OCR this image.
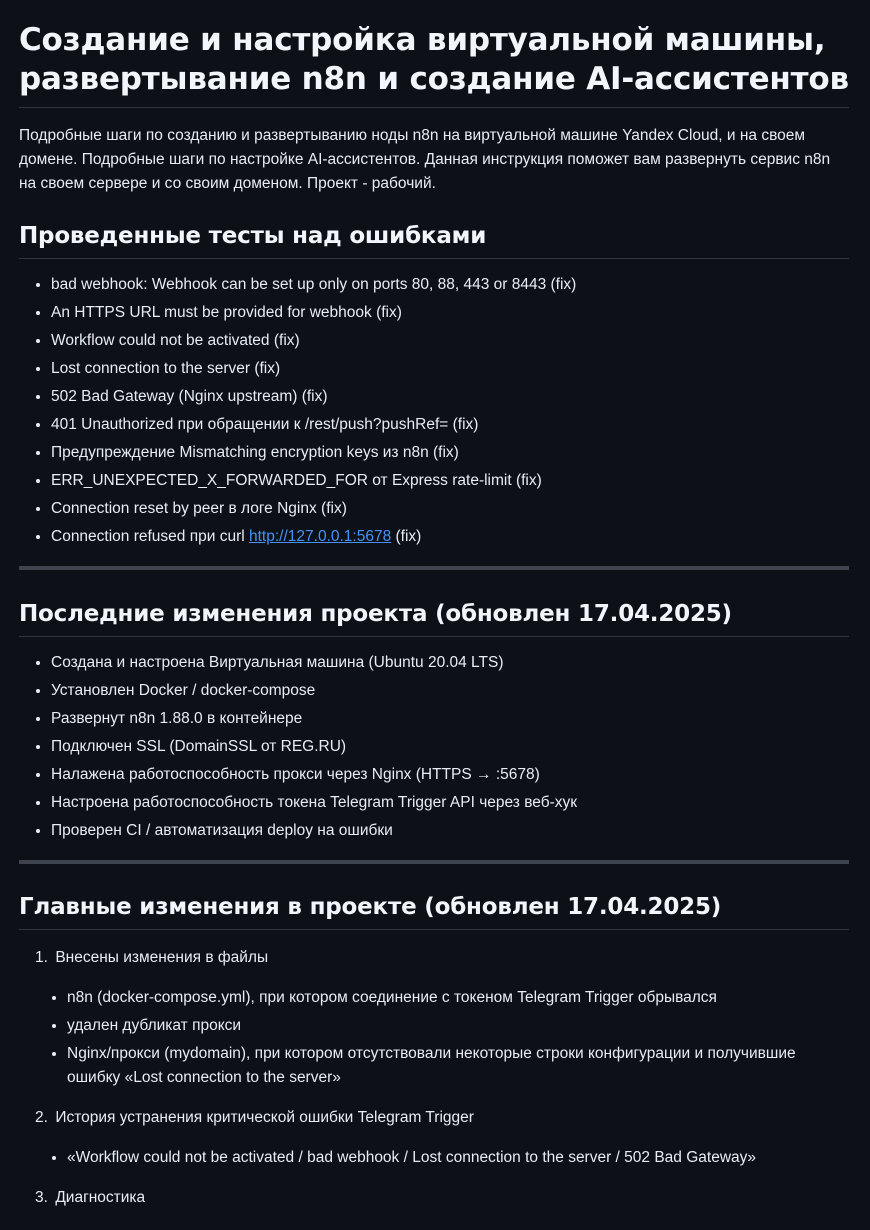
Создание и настройка виртуальной машины, развертывание n8n и создание AI-ассистентов

Подробные шаги по созданию и развертыванию ноды n8n на виртуальной машине Yandex Cloud, и на своем домене. Подробные шаги по настройке AI-ассистентов. Данная инструкция поможет вам развернуть сервис n8n на своем сервере и со своим доменом. Проект - рабочий.

Проведенные тесты над ошибками
• bad webhook: Webhook can be set up only on ports 80, 88, 443 or 8443 (fix)
• An HTTPS URL must be provided for webhook (fix)
• Workflow could not be activated (fix)
• Lost connection to the server (fix)
• 502 Bad Gateway (Nginx upstream) (fix)
• 401 Unauthorized при обращении к /rest/push?pushRef= (fix)
• Предупреждение Mismatching encryption keys из n8n (fix)
• ERR_UNEXPECTED_X_FORWARDED_FOR от Express rate-limit (fix)
• Connection reset by peer в логе Nginx (fix)
• Connection refused при curl http://127.0.0.1:5678 (fix)
Последние изменения проекта (обновлен 17.04.2025)
• Создана и настроена Виртуальная машина (Ubuntu 20.04 LTS)
• Установлен Docker / docker-compose
• Развернут n8n 1.88.0 в контейнере
• Подключен SSL (DomainSSL от REG.RU)
• Налажена работоспособность прокси через Nginx (HTTPS → :5678)
• Настроена работоспособность токена Telegram Trigger API через веб-хук
• Проверен CI / автоматизация deploy на ошибки
Главные изменения в проекте (обновлен 17.04.2025)
1. Внесены изменения в файлы
• n8n (docker-compose.yml), при котором соединение с токеном Telegram Trigger обрывался
• удален дубликат прокси
• Nginx/прокси (mydomain), при котором отсутствовали некоторые строки конфигурации и получившие ошибку «Lost connection to the server»
2. История устранения критической ошибки Telegram Trigger
• «Workflow could not be activated / bad webhook / Lost connection to the server / 502 Bad Gateway»
3. Диагностика
